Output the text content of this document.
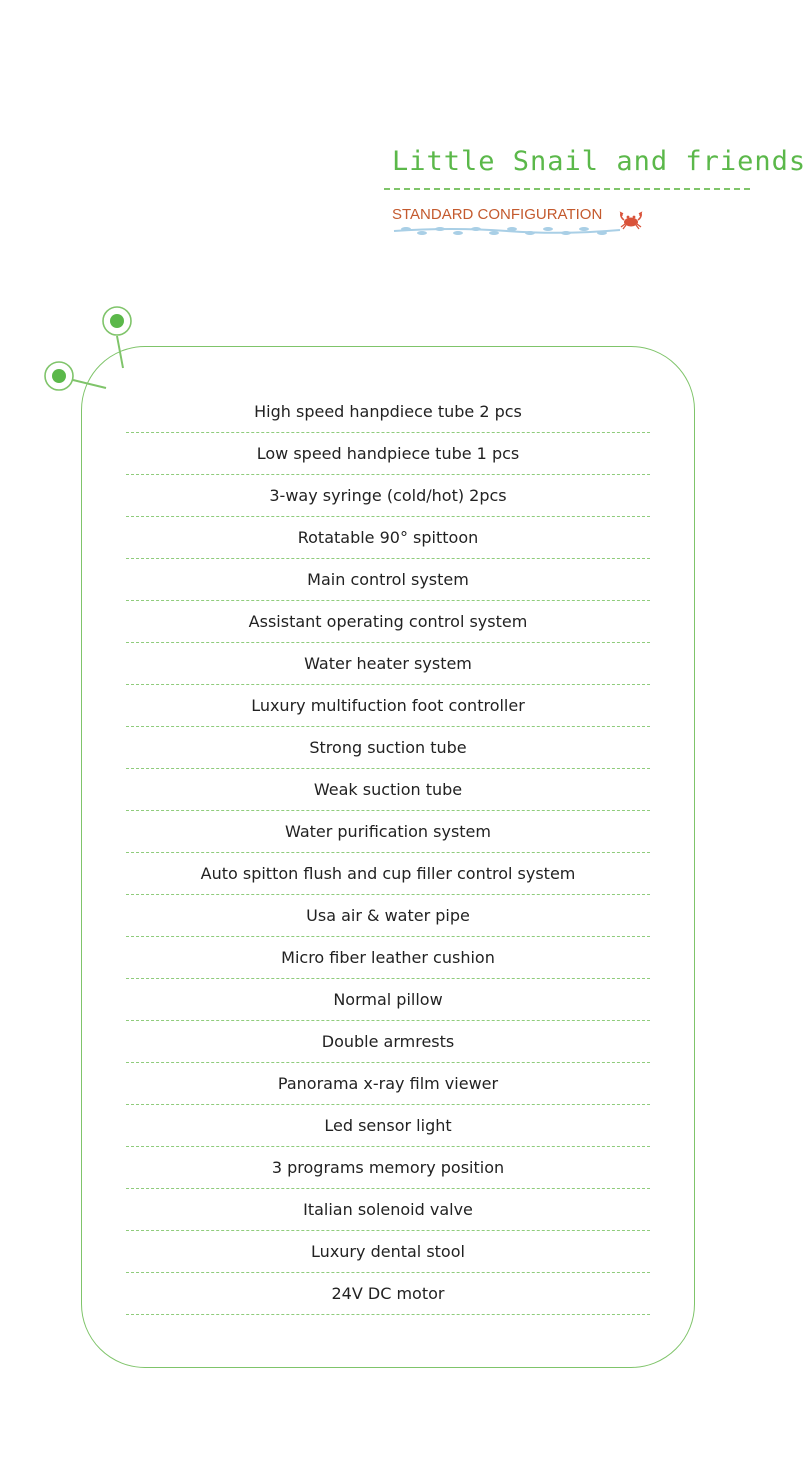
Little Snail and friends
STANDARD CONFIGURATION
High speed hanpdiece tube 2 pcs
Low speed handpiece tube 1 pcs
3-way syringe (cold/hot) 2pcs
Rotatable 90° spittoon
Main control system
Assistant operating control system
Water heater system
Luxury multifuction foot controller
Strong suction tube
Weak suction tube
Water purification system
Auto spitton flush and cup filler control system
Usa air & water pipe
Micro fiber leather cushion
Normal pillow
Double armrests
Panorama x-ray film viewer
Led sensor light
3 programs memory position
Italian solenoid valve
Luxury dental stool
24V DC motor
